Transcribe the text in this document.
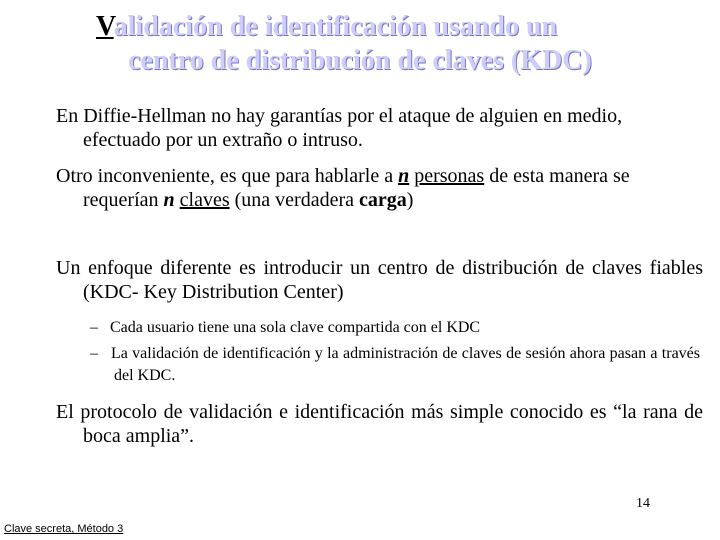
Validación de identificación usando un
centro de distribución de claves (KDC)

En Diffie-Hellman no hay garantías por el ataque de alguien en medio, efectuado por un extraño o intruso.

Otro inconveniente, es que para hablarle a n personas de esta manera se requerían n claves (una verdadera carga)

Un enfoque diferente es introducir un centro de distribución de claves fiables (KDC- Key Distribution Center)

– Cada usuario tiene una sola clave compartida con el KDC

– La validación de identificación y la administración de claves de sesión ahora pasan a través del KDC.

El protocolo de validación e identificación más simple conocido es “la rana de boca amplia”.

14
Clave secreta, Método 3
